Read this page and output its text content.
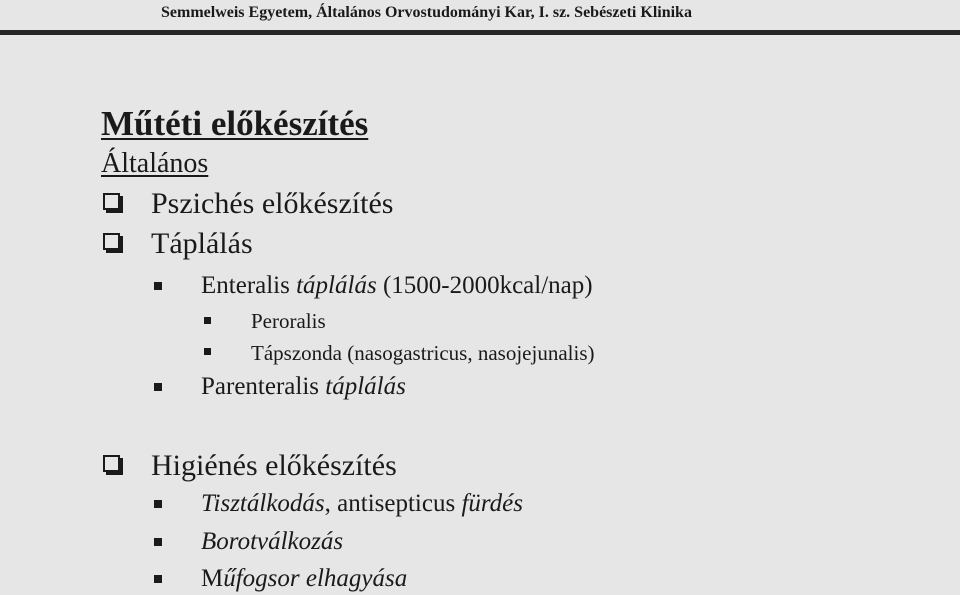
Semmelweis Egyetem, Általános Orvostudományi Kar, I. sz. Sebészeti Klinika
Műtéti előkészítés
Általános
Pszichés előkészítés
Táplálás
Enteralis táplálás (1500-2000kcal/nap)
Peroralis
Tápszonda (nasogastricus, nasojejunalis)
Parenteralis táplálás
Higiénés előkészítés
Tisztálkodás, antisepticus fürdés
Borotválkozás
Műfogsor elhagyása
